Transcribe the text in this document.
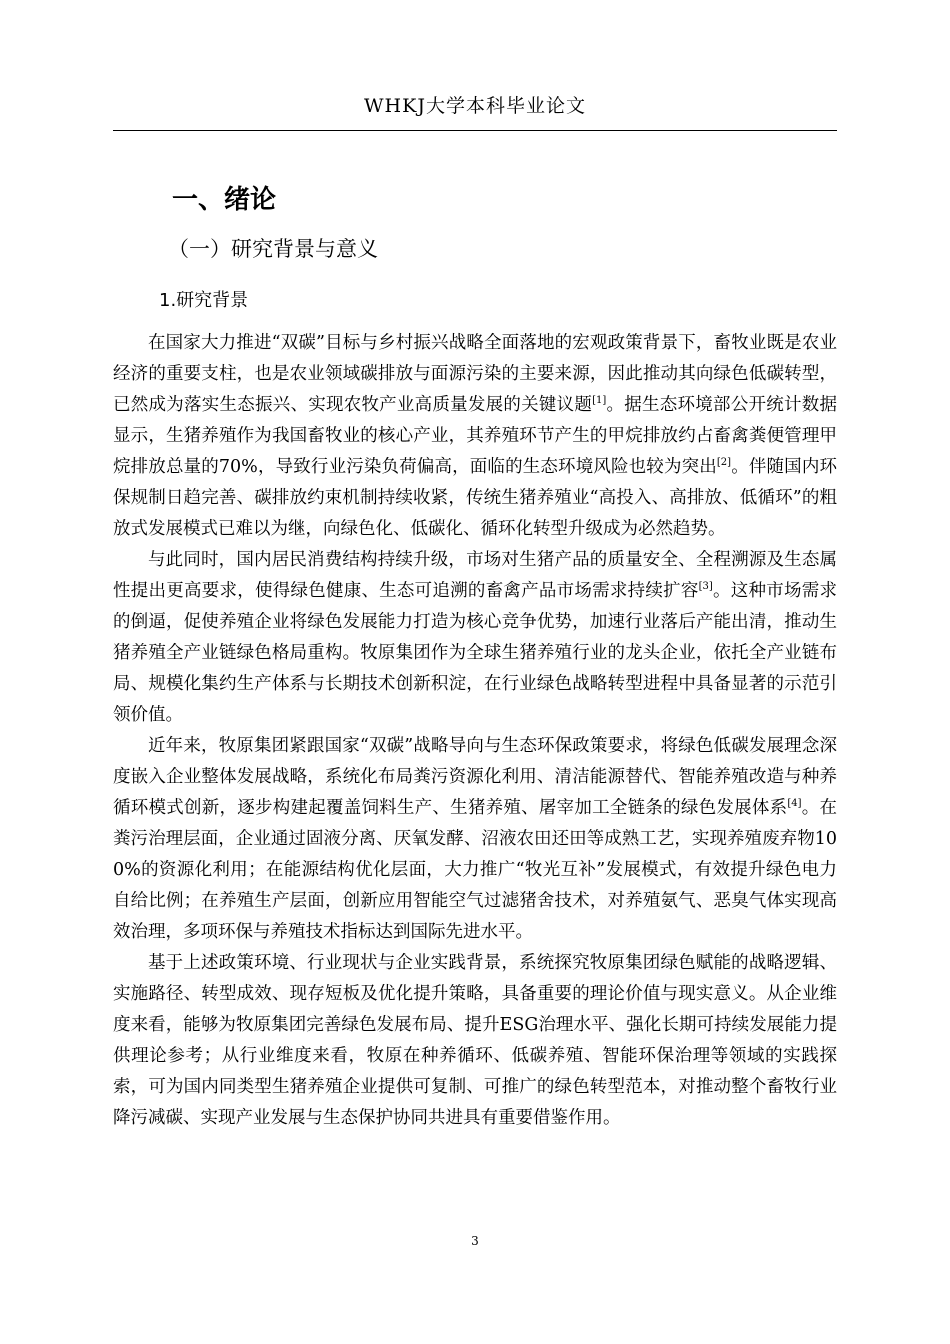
WHKJ大学本科毕业论文
一、绪论
（一）研究背景与意义
1.研究背景

在国家大力推进“双碳”目标与乡村振兴战略全面落地的宏观政策背景下，畜牧业既是农业经济的重要支柱，也是农业领域碳排放与面源污染的主要来源，因此推动其向绿色低碳转型，已然成为落实生态振兴、实现农牧产业高质量发展的关键议题[1]。据生态环境部公开统计数据显示，生猪养殖作为我国畜牧业的核心产业，其养殖环节产生的甲烷排放约占畜禽粪便管理甲烷排放总量的70%，导致行业污染负荷偏高，面临的生态环境风险也较为突出[2]。伴随国内环保规制日趋完善、碳排放约束机制持续收紧，传统生猪养殖业“高投入、高排放、低循环”的粗放式发展模式已难以为继，向绿色化、低碳化、循环化转型升级成为必然趋势。

与此同时，国内居民消费结构持续升级，市场对生猪产品的质量安全、全程溯源及生态属性提出更高要求，使得绿色健康、生态可追溯的畜禽产品市场需求持续扩容[3]。这种市场需求的倒逼，促使养殖企业将绿色发展能力打造为核心竞争优势，加速行业落后产能出清，推动生猪养殖全产业链绿色格局重构。牧原集团作为全球生猪养殖行业的龙头企业，依托全产业链布局、规模化集约生产体系与长期技术创新积淀，在行业绿色战略转型进程中具备显著的示范引领价值。

近年来，牧原集团紧跟国家“双碳”战略导向与生态环保政策要求，将绿色低碳发展理念深度嵌入企业整体发展战略，系统化布局粪污资源化利用、清洁能源替代、智能养殖改造与种养循环模式创新，逐步构建起覆盖饲料生产、生猪养殖、屠宰加工全链条的绿色发展体系[4]。在粪污治理层面，企业通过固液分离、厌氧发酵、沼液农田还田等成熟工艺，实现养殖废弃物100%的资源化利用；在能源结构优化层面，大力推广“牧光互补”发展模式，有效提升绿色电力自给比例；在养殖生产层面，创新应用智能空气过滤猪舍技术，对养殖氨气、恶臭气体实现高效治理，多项环保与养殖技术指标达到国际先进水平。

基于上述政策环境、行业现状与企业实践背景，系统探究牧原集团绿色赋能的战略逻辑、实施路径、转型成效、现存短板及优化提升策略，具备重要的理论价值与现实意义。从企业维度来看，能够为牧原集团完善绿色发展布局、提升ESG治理水平、强化长期可持续发展能力提供理论参考；从行业维度来看，牧原在种养循环、低碳养殖、智能环保治理等领域的实践探索，可为国内同类型生猪养殖企业提供可复制、可推广的绿色转型范本，对推动整个畜牧行业降污减碳、实现产业发展与生态保护协同共进具有重要借鉴作用。

3
